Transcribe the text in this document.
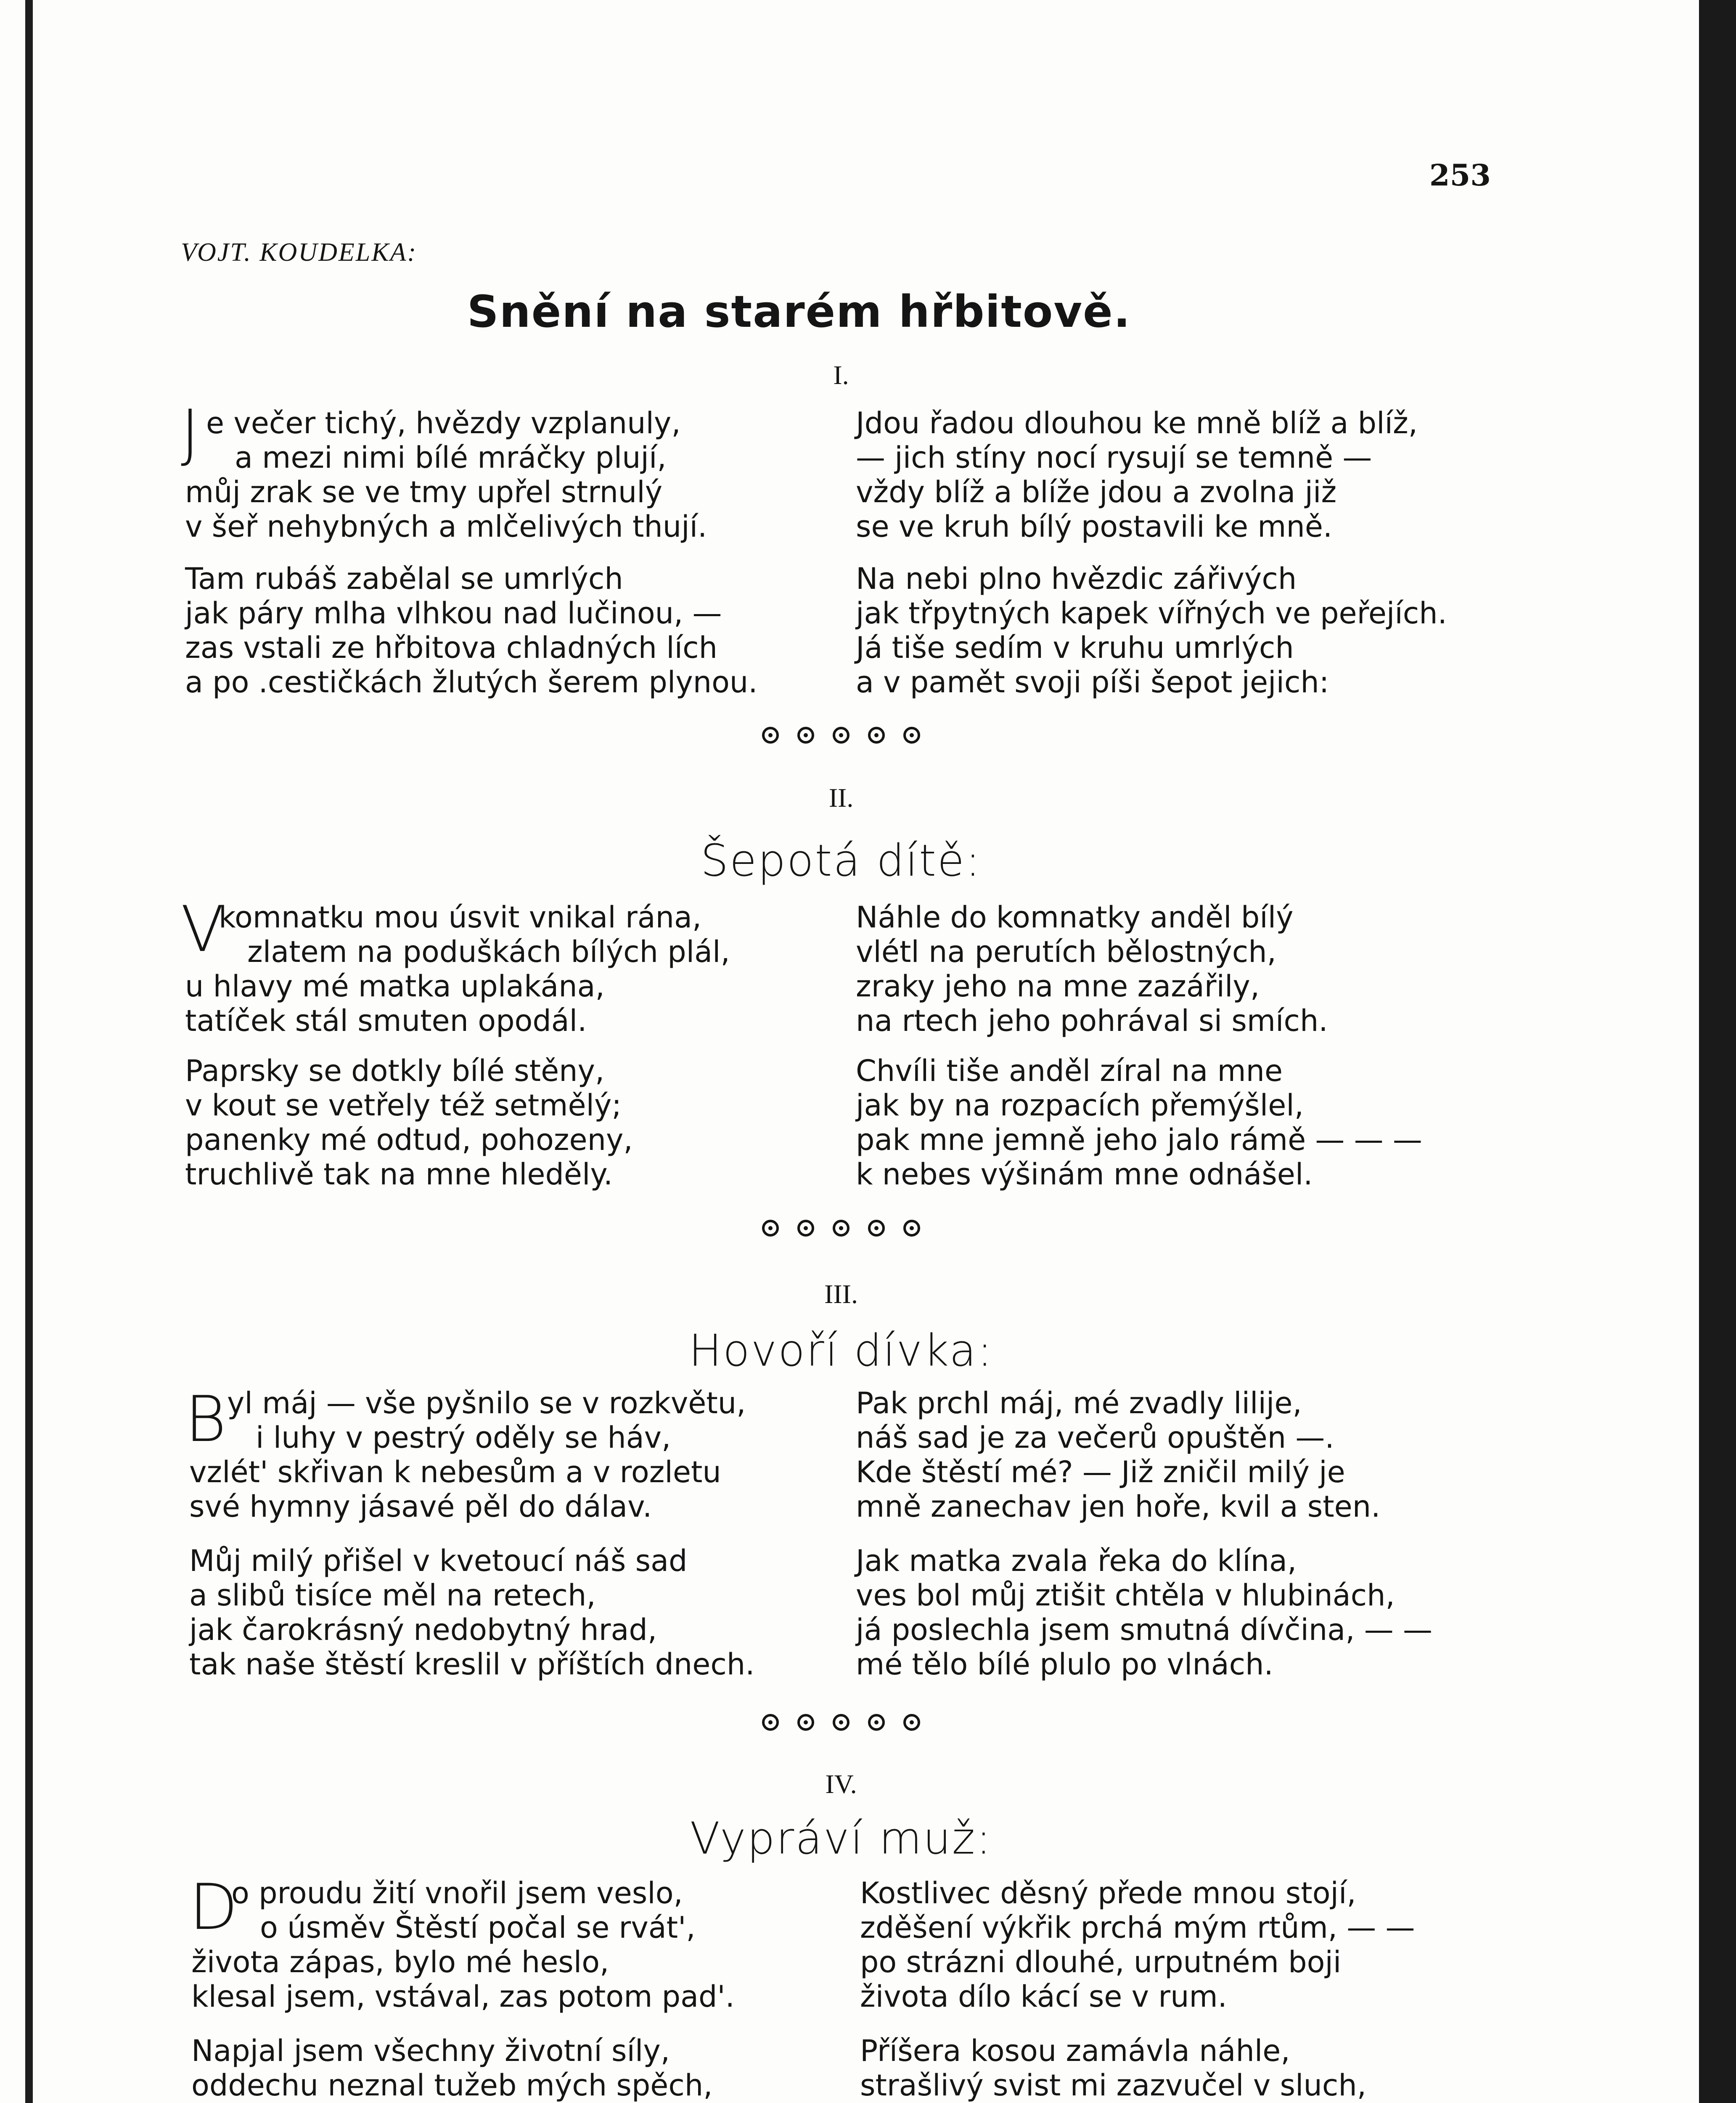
253
VOJT. KOUDELKA:
Snění na starém hřbitově.
I.
J e večer tichý, hvězdy vzplanuly,
a mezi nimi bílé mráčky plují,
můj zrak se ve tmy upřel strnulý
v šeř nehybných a mlčelivých thují.
Tam rubáš zabělal se umrlých
jak páry mlha vlhkou nad lučinou, —
zas vstali ze hřbitova chladných lích
a po .cestičkách žlutých šerem plynou.
Jdou řadou dlouhou ke mně blíž a blíž,
— jich stíny nocí rysují se temně —
vždy blíž a blíže jdou a zvolna již
se ve kruh bílý postavili ke mně.
Na nebi plno hvězdic zářivých
jak třpytných kapek vířných ve peřejích.
Já tiše sedím v kruhu umrlých
a v pamět svoji píši šepot jejich:
II.
Šepotá dítě:
V
komnatku mou úsvit vnikal rána,
zlatem na poduškách bílých plál,
u hlavy mé matka uplakána,
tatíček stál smuten opodál.
Paprsky se dotkly bílé stěny,
v kout se vetřely též setmělý;
panenky mé odtud, pohozeny,
truchlivě tak na mne hleděly.
Náhle do komnatky anděl bílý
vlétl na perutích bělostných,
zraky jeho na mne zazářily,
na rtech jeho pohrával si smích.
Chvíli tiše anděl zíral na mne
jak by na rozpacích přemýšlel,
pak mne jemně jeho jalo rámě — — —
k nebes výšinám mne odnášel.
III.
Hovoří dívka:
B yl máj — vše pyšnilo se v rozkvětu,
i luhy v pestrý oděly se háv,
vzlét' skřivan k nebesům a v rozletu
své hymny jásavé pěl do dálav.
Můj milý přišel v kvetoucí náš sad
a slibů tisíce měl na retech,
jak čarokrásný nedobytný hrad,
tak naše štěstí kreslil v příštích dnech.
Pak prchl máj, mé zvadly lilije,
náš sad je za večerů opuštěn —.
Kde štěstí mé? — Již zničil milý je
mně zanechav jen hoře, kvil a sten.
Jak matka zvala řeka do klína,
ves bol můj ztišit chtěla v hlubinách,
já poslechla jsem smutná dívčina, — —
mé tělo bílé plulo po vlnách.
IV.
Vypráví muž:
D
o proudu žití vnořil jsem veslo,
o úsměv Štěstí počal se rvát',
života zápas, bylo mé heslo,
klesal jsem, vstával, zas potom pad'.
Napjal jsem všechny životní síly,
oddechu neznal tužeb mých spěch,
Kostlivec děsný přede mnou stojí,
zděšení výkřik prchá mým rtům, — —
po strázni dlouhé, urputném boji
života dílo kácí se v rum.
Příšera kosou zamávla náhle,
strašlivý svist mi zazvučel v sluch,
